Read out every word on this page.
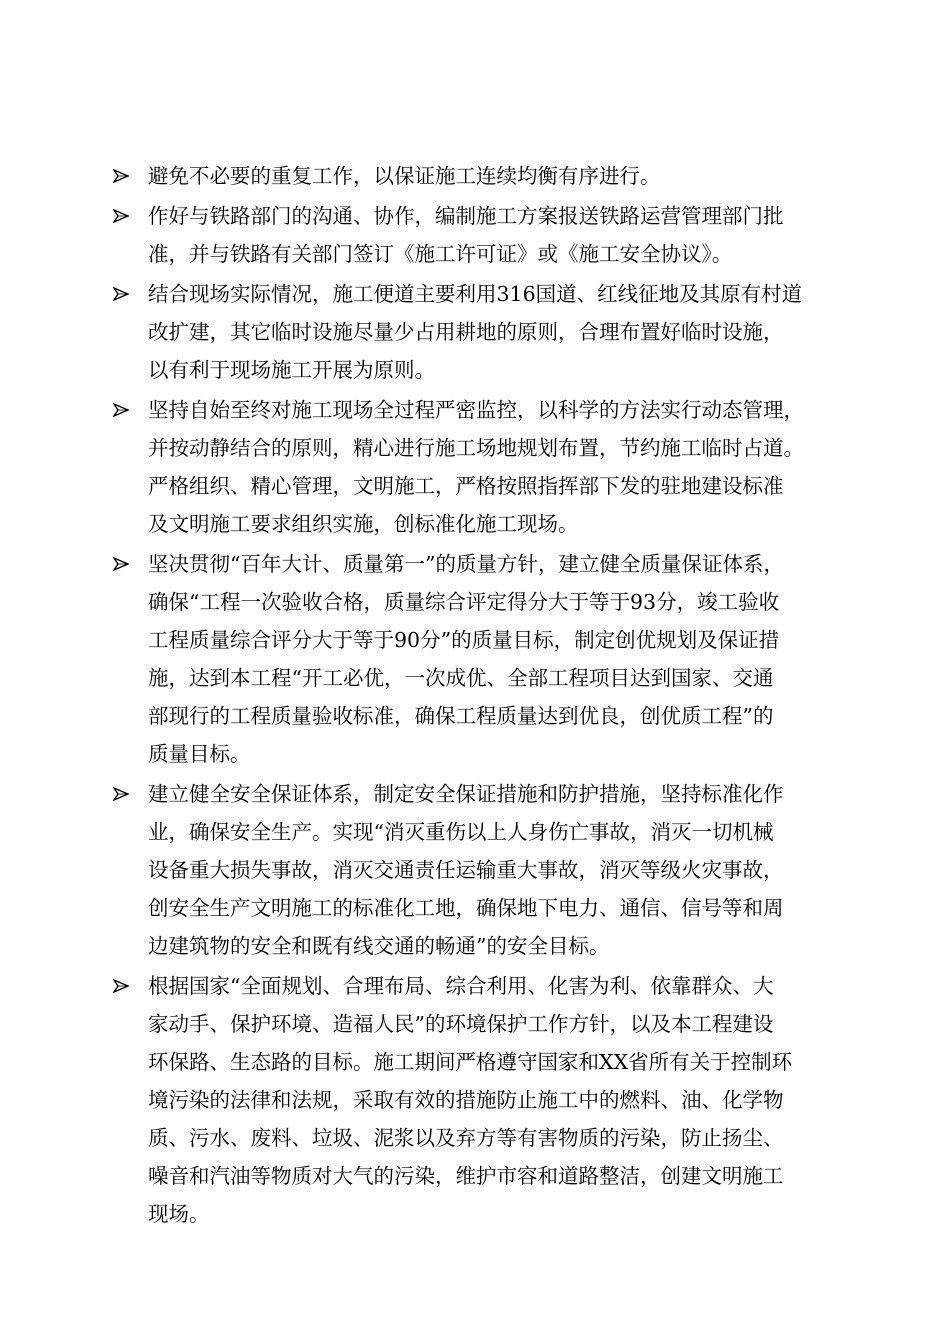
避免不必要的重复工作，以保证施工连续均衡有序进行。
作好与铁路部门的沟通、协作，编制施工方案报送铁路运营管理部门批
准，并与铁路有关部门签订《施工许可证》或《施工安全协议》。
结合现场实际情况，施工便道主要利用316国道、红线征地及其原有村道
改扩建，其它临时设施尽量少占用耕地的原则，合理布置好临时设施，
以有利于现场施工开展为原则。
坚持自始至终对施工现场全过程严密监控，以科学的方法实行动态管理，
并按动静结合的原则，精心进行施工场地规划布置，节约施工临时占道。
严格组织、精心管理，文明施工，严格按照指挥部下发的驻地建设标准
及文明施工要求组织实施，创标准化施工现场。
坚决贯彻“百年大计、质量第一”的质量方针，建立健全质量保证体系，
确保“工程一次验收合格，质量综合评定得分大于等于93分，竣工验收
工程质量综合评分大于等于90分”的质量目标，制定创优规划及保证措
施，达到本工程“开工必优，一次成优、全部工程项目达到国家、交通
部现行的工程质量验收标准，确保工程质量达到优良，创优质工程”的
质量目标。
建立健全安全保证体系，制定安全保证措施和防护措施，坚持标准化作
业，确保安全生产。实现“消灭重伤以上人身伤亡事故，消灭一切机械
设备重大损失事故，消灭交通责任运输重大事故，消灭等级火灾事故，
创安全生产文明施工的标准化工地，确保地下电力、通信、信号等和周
边建筑物的安全和既有线交通的畅通”的安全目标。
根据国家“全面规划、合理布局、综合利用、化害为利、依靠群众、大
家动手、保护环境、造福人民”的环境保护工作方针，以及本工程建设
环保路、生态路的目标。施工期间严格遵守国家和XX省所有关于控制环
境污染的法律和法规，采取有效的措施防止施工中的燃料、油、化学物
质、污水、废料、垃圾、泥浆以及弃方等有害物质的污染，防止扬尘、
噪音和汽油等物质对大气的污染，维护市容和道路整洁，创建文明施工
现场。
